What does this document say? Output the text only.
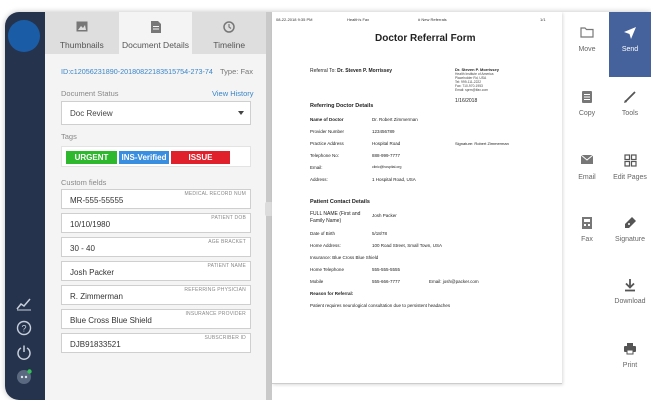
?
Thumbnails	Document Details	Timeline
ID:c12056231890-20180822183515754-273-74 Type: Fax
Document Status	View History
Doc Review
Tags
URGENT	INS-Verified	ISSUE
Custom fields
MEDICAL RECORD NUM
MR-555-55555
PATIENT DOB
10/10/1980
AGE BRACKET
30 - 40
PATIENT NAME
Josh Packer
REFERRING PHYSICIAN
R. Zimmerman
INSURANCE PROVIDER
Blue Cross Blue Shield
SUBSCRIBER ID
DJB91833521
08-22-2018 9:35 PM	Health's Fax	# New Referrals	1/1
Doctor Referral Form
Referral To: Dr. Steven P. Morrissey	Dr. Steven P. Morrissey
Health Institute of America
Placeholder Rd, USA
Tel: 999-111-2222
Fax: 710-970-1953
Email: sprm@ifax.com
1/16/2018
Referring Doctor Details
Name of Doctor	Dr. Robert Zimmerman
Provider Number	123456789
Practice Address	Hospital Road	Signature: Robert Zimmerman
Telephone No:	888-999-7777
Email:	clinic@hospital.org
Address:	1 Hospital Road, USA
Patient Contact Details
FULL NAME (First and Family Name)
Josh Packer
Date of Birth	5/18/78
Home Address:	100 Road Street, Small Town, USA
Insurance: Blue Cross Blue Shield
Home Telephone	555-555-5555
Mobile	555-666-7777	Email: josh@packer.com
Reason for Referral:
Patient requires neurological consultation due to persistent headaches
Move	Send
Copy	Tools
Email	Edit Pages
Fax	Signature
Download
Print
